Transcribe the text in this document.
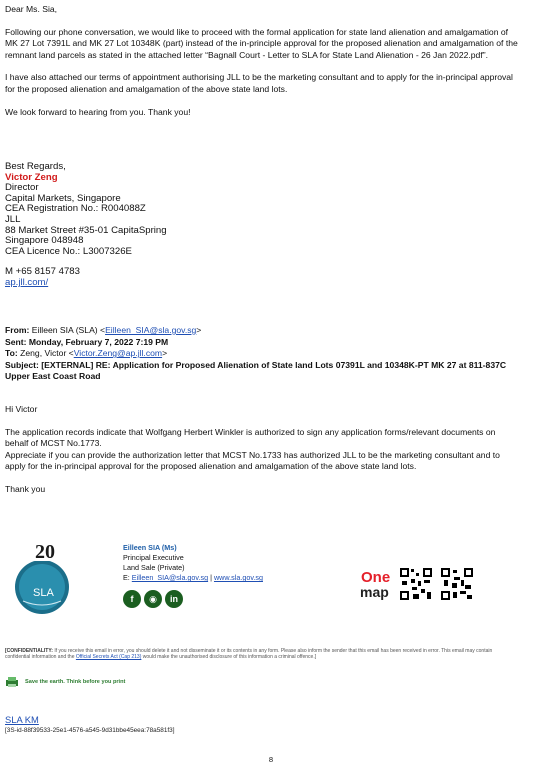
Dear Ms. Sia,

Following our phone conversation, we would like to proceed with the formal application for state land alienation and amalgamation of MK 27 Lot 7391L and MK 27 Lot 10348K (part) instead of the in-principle approval for the proposed alienation and amalgamation of the remnant land parcels as stated in the attached letter “Bagnall Court - Letter to SLA for State Land Alienation - 26 Jan 2022.pdf”.

I have also attached our terms of appointment authorising JLL to be the marketing consultant and to apply for the in-principal approval for the proposed alienation and amalgamation of the above state land lots.

We look forward to hearing from you. Thank you!

Best Regards,
Victor Zeng
Director
Capital Markets, Singapore
CEA Registration No.: R004088Z
JLL
88 Market Street #35-01 CapitaSpring
Singapore 048948
CEA Licence No.: L3007326E
M +65 8157 4783
ap.jll.com/

From: Eilleen SIA (SLA) <Eilleen_SIA@sla.gov.sg>

Sent: Monday, February 7, 2022 7:19 PM

To: Zeng, Victor <Victor.Zeng@ap.jll.com>

Subject: [EXTERNAL] RE: Application for Proposed Alienation of State land Lots 07391L and 10348K-PT MK 27 at 811-837C Upper East Coast Road

Hi Victor

The application records indicate that Wolfgang Herbert Winkler is authorized to sign any application forms/relevant documents on behalf of MCST No.1773.

Appreciate if you can provide the authorization letter that MCST No.1733 has authorized JLL to be the marketing consultant and to apply for the in-principal approval for the proposed alienation and amalgamation of the above state land lots.

Thank you

20
SLA
Eilleen SIA (Ms)
Principal Executive
Land Sale (Private)
E: Eilleen_SIA@sla.gov.sg | www.sla.gov.sg
f	◉	in
One
map
[CONFIDENTIALITY: If you receive this email in error, you should delete it and not disseminate it or its contents in any form. Please also inform the sender that this email has been received in error. This email may contain confidential information and the Official Secrets Act (Cap 213) would make the unauthorised disclosure of this information a criminal offence.]
Save the earth. Think before you print
SLA KM
[3S-id-88f39533-25e1-4576-a545-9d31bbe45eea:78a581f3]
8
